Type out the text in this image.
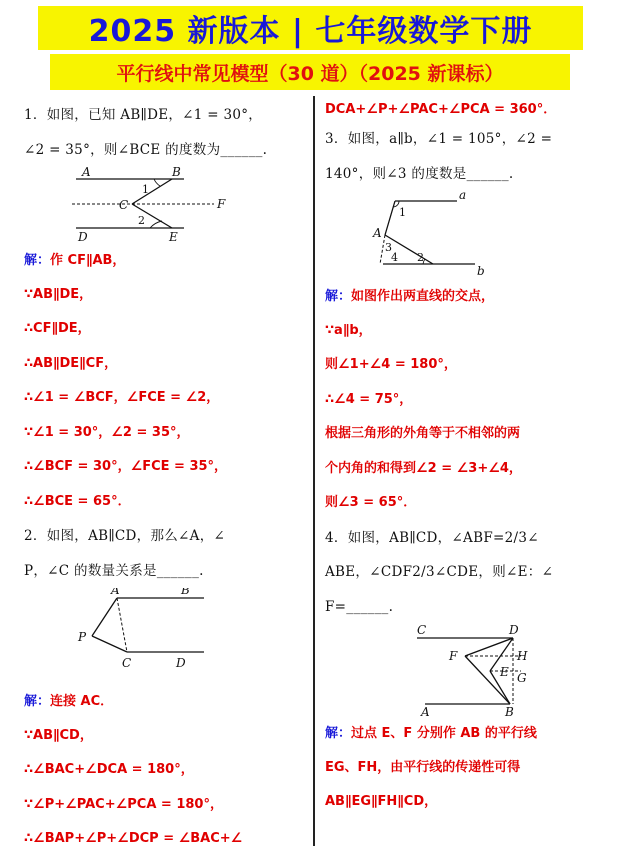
2025 新版本 | 七年级数学下册
平行线中常见模型（30 道）（2025 新课标）
1．如图，已知 AB∥DE，∠1 = 30°，
∠2 = 35°，则∠BCE 的度数为______.
A	B
C	F
D	E
1
2
解：作 CF∥AB，
∵AB∥DE，
∴CF∥DE，
∴AB∥DE∥CF，
∴∠1 = ∠BCF，∠FCE = ∠2，
∵∠1 = 30°，∠2 = 35°，
∴∠BCF = 30°，∠FCE = 35°，
∴∠BCE = 65°．
2．如图，AB∥CD，那么∠A，∠
P，∠C 的数量关系是______.
A	B
P
C	D
解：连接 AC．
∵AB∥CD，
∴∠BAC+∠DCA = 180°，
∵∠P+∠PAC+∠PCA = 180°，
∴∠BAP+∠P+∠DCP = ∠BAC+∠
DCA+∠P+∠PAC+∠PCA = 360°．
3．如图，a∥b，∠1 = 105°，∠2 =
140°，则∠3 的度数是______.
a
b
A
1
2
3
4
解：如图作出两直线的交点，
∵a∥b，
则∠1+∠4 = 180°，
∴∠4 = 75°，
根据三角形的外角等于不相邻的两
个内角的和得到∠2 = ∠3+∠4，
则∠3 = 65°．
4．如图，AB∥CD，∠ABF=2/3∠
ABE，∠CDF2/3∠CDE，则∠E：∠
F=______.
C	D
F	H
E G
A	B
解：过点 E、F 分别作 AB 的平行线
EG、FH，由平行线的传递性可得
AB∥EG∥FH∥CD，
